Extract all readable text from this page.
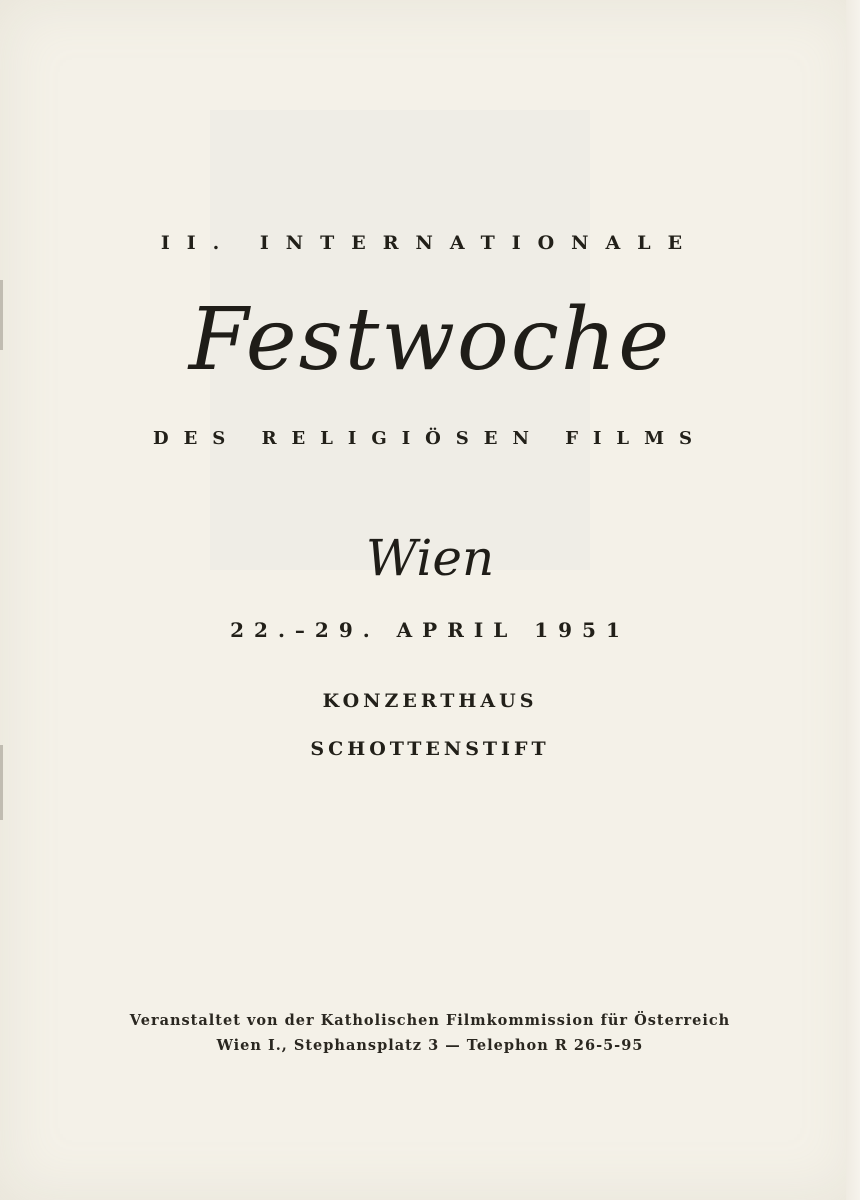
II. INTERNATIONALE
Festwoche
DES RELIGIÖSEN FILMS
Wien
22.–29. APRIL 1951
KONZERTHAUS
SCHOTTENSTIFT
Veranstaltet von der Katholischen Filmkommission für Österreich
Wien I., Stephansplatz 3 — Telephon R 26-5-95
